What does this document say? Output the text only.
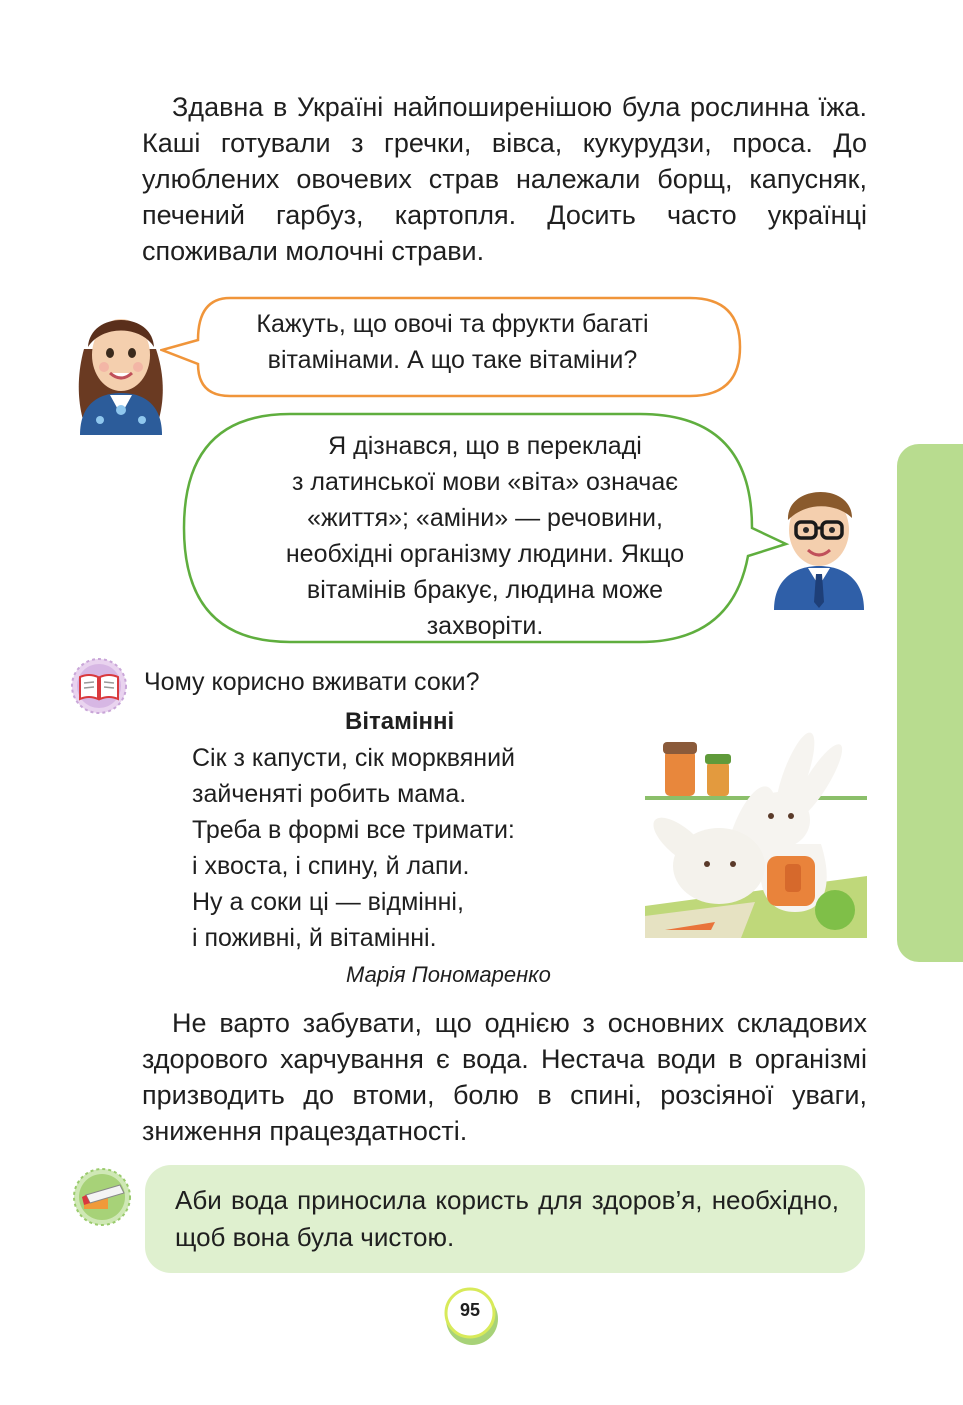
Здавна в Україні найпоширенішою була рослинна їжа. Каші готували з гречки, вівса, кукурудзи, проса. До улюблених овочевих страв належали борщ, капусняк, печений гарбуз, картопля. Досить часто українці споживали молочні страви.

Кажуть, що овочі та фрукти багаті
вітамінами. А що таке вітаміни?

Я дізнався, що в перекладі
з латинської мови «віта» означає
«життя»; «аміни» — речовини,
необхідні організму людини. Якщо
вітамінів бракує, людина може
захворіти.

Чому корисно вживати соки?

Вітамінні

Сік з капусти, сік морквяний
зайченяті робить мама.
Треба в формі все тримати:
і хвоста, і спину, й лапи.
Ну а соки ці — відмінні,
і поживні, й вітамінні.

Марія Пономаренко

Не варто забувати, що однією з основних складових здорового харчування є вода. Нестача води в організмі призводить до втоми, болю в спині, розсіяної уваги, зниження працездатності.

Аби вода приносила користь для здоров’я, необхідно, щоб вона була чистою.

95
